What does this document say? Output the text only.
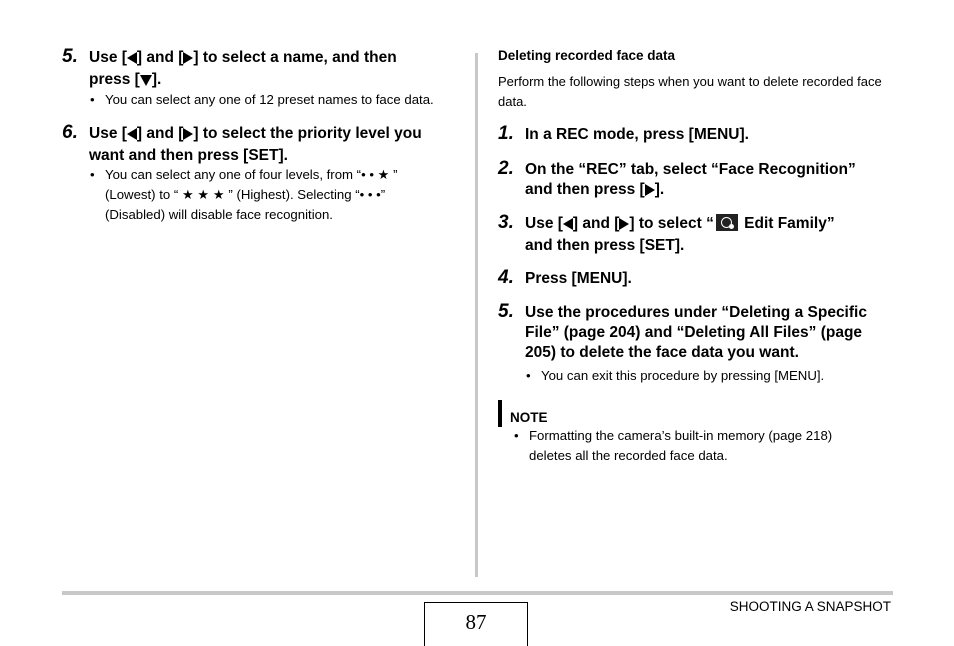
5. Use [ ] and [ ] to select a name, and then
press [ ].
• You can select any one of 12 preset names to face data.
6. Use [ ] and [ ] to select the priority level you
want and then press [SET].
• You can select any one of four levels, from “• • ★ ”
(Lowest) to “ ★ ★ ★ ” (Highest). Selecting “• • •”
(Disabled) will disable face recognition.
Deleting recorded face data
Perform the following steps when you want to delete recorded face data.
1. In a REC mode, press [MENU].
2. On the “REC” tab, select “Face Recognition”
and then press [ ].
3. Use [ ] and [ ] to select “ Edit Family”
and then press [SET].
4. Press [MENU].
5. Use the procedures under “Deleting a Specific
File” (page 204) and “Deleting All Files” (page
205) to delete the face data you want.
• You can exit this procedure by pressing [MENU].
NOTE
• Formatting the camera’s built-in memory (page 218)
deletes all the recorded face data.
87
SHOOTING A SNAPSHOT
